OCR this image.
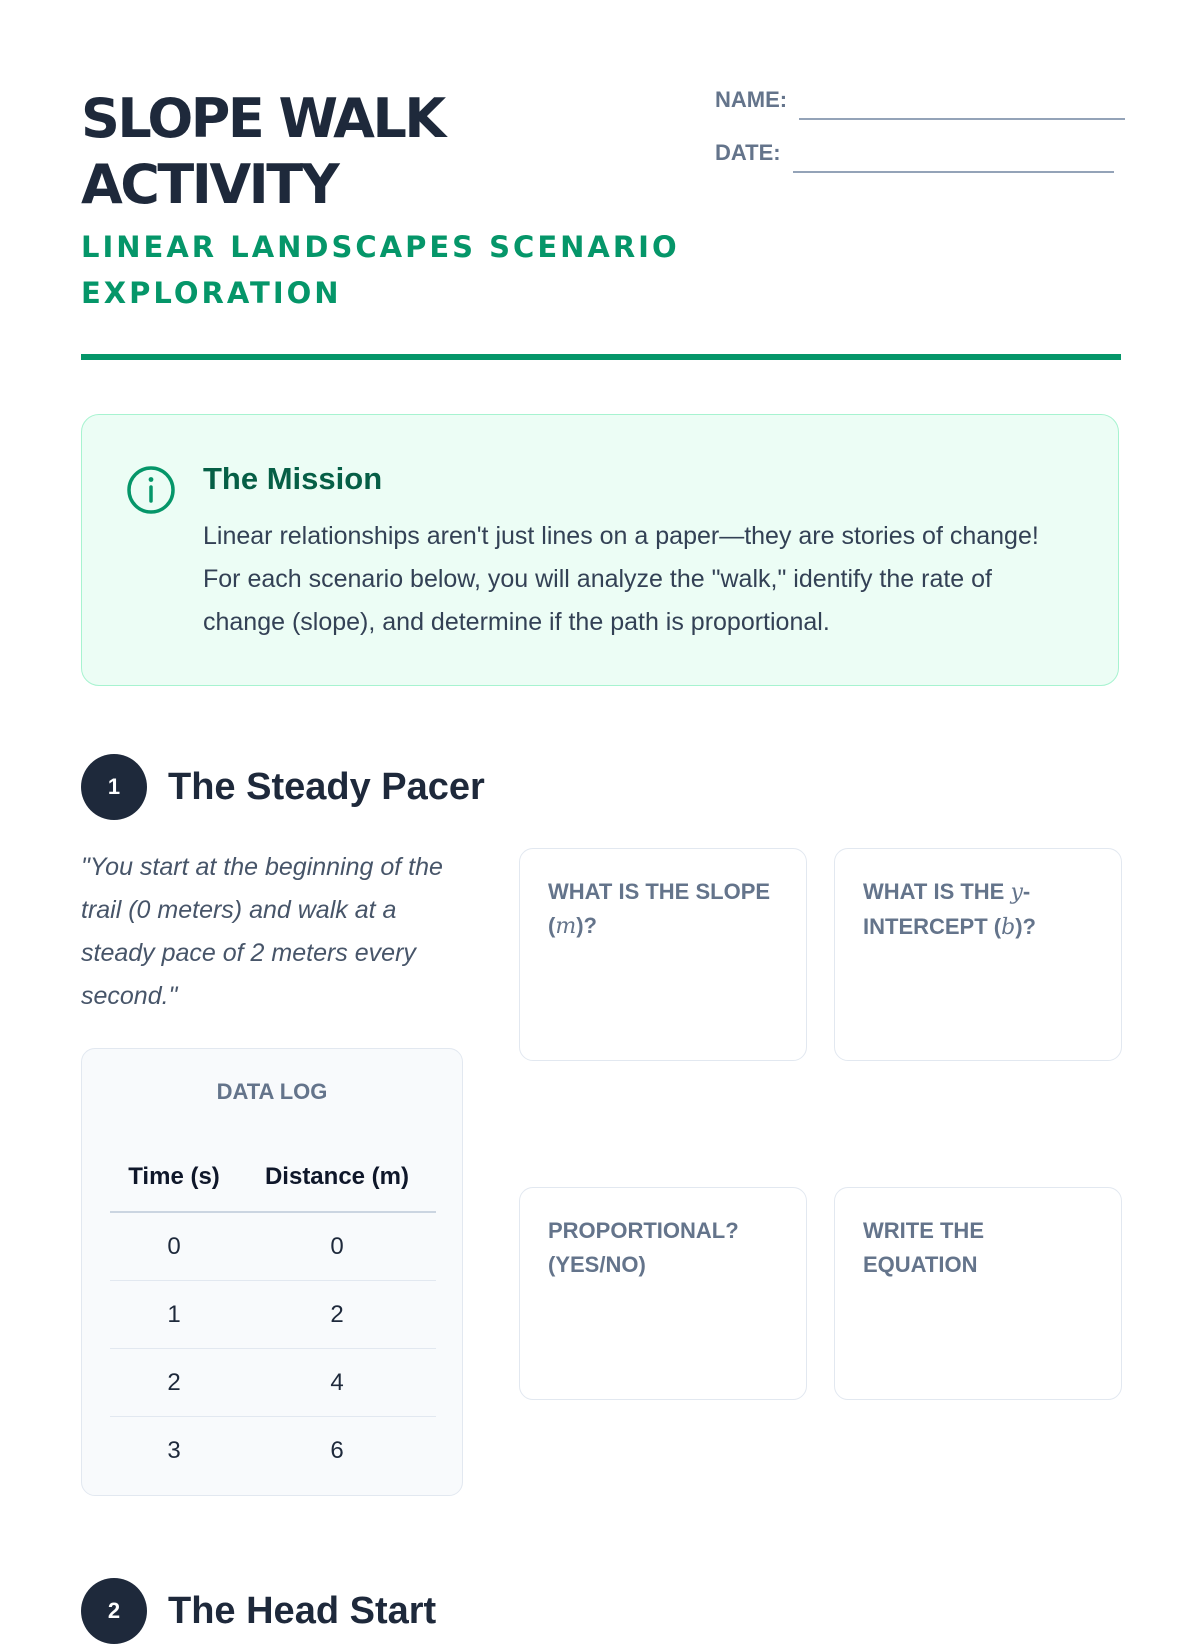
SLOPE WALK ACTIVITY
LINEAR LANDSCAPES SCENARIO EXPLORATION
NAME:
DATE:
The Mission

Linear relationships aren't just lines on a paper—they are stories of change! For each scenario below, you will analyze the "walk," identify the rate of change (slope), and determine if the path is proportional.

1	The Steady Pacer

"You start at the beginning of the trail (0 meters) and walk at a steady pace of 2 meters every second."

DATA LOG
Time (s)	Distance (m)
0	0
1	2
2	4
3	6

WHAT IS THE SLOPE (m)?

WHAT IS THE y-INTERCEPT (b)?

PROPORTIONAL? (YES/NO)

WRITE THE EQUATION

2	The Head Start
